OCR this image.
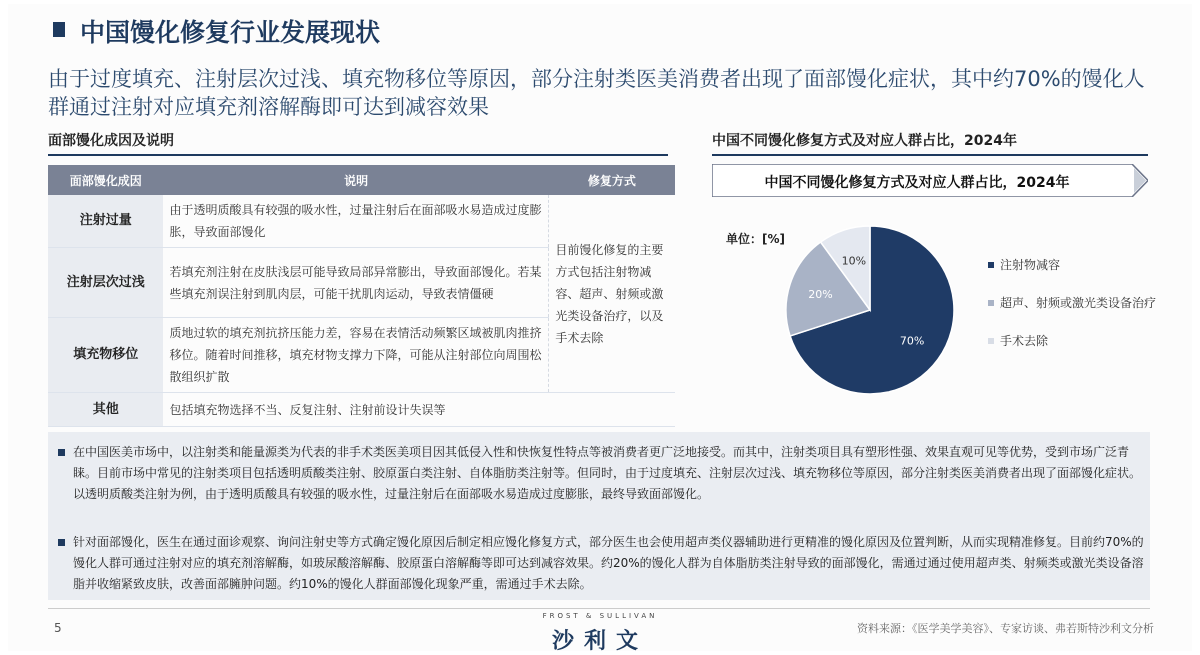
中国馒化修复行业发展现状
由于过度填充、注射层次过浅、填充物移位等原因，部分注射类医美消费者出现了面部馒化症状，其中约70%的馒化人群通过注射对应填充剂溶解酶即可达到减容效果
面部馒化成因及说明
面部馒化成因	说明	修复方式
注射过量	由于透明质酸具有较强的吸水性，过量注射后在面部吸水易造成过度膨胀，导致面部馒化	目前馒化修复的主要方式包括注射物减容、超声、射频或激光类设备治疗，以及手术去除
注射层次过浅	若填充剂注射在皮肤浅层可能导致局部异常膨出，导致面部馒化。若某些填充剂误注射到肌肉层，可能干扰肌肉运动，导致表情僵硬	
填充物移位	质地过软的填充剂抗挤压能力差，容易在表情活动频繁区域被肌肉推挤移位。随着时间推移，填充材物支撑力下降，可能从注射部位向周围松散组织扩散	
其他	包括填充物选择不当、反复注射、注射前设计失误等	
中国不同馒化修复方式及对应人群占比，2024年
中国不同馒化修复方式及对应人群占比，2024年
单位：[%]
70%
20%
10%	注射物减容
超声、射频或激光类设备治疗
手术去除
在中国医美市场中，以注射类和能量源类为代表的非手术类医美项目因其低侵入性和快恢复性特点等被消费者更广泛地接受。而其中，注射类项目具有塑形性强、效果直观可见等优势，受到市场广泛青睐。目前市场中常见的注射类项目包括透明质酸类注射、胶原蛋白类注射、自体脂肪类注射等。但同时，由于过度填充、注射层次过浅、填充物移位等原因，部分注射类医美消费者出现了面部馒化症状。以透明质酸类注射为例，由于透明质酸具有较强的吸水性，过量注射后在面部吸水易造成过度膨胀，最终导致面部馒化。
针对面部馒化，医生在通过面诊观察、询问注射史等方式确定馒化原因后制定相应馒化修复方式，部分医生也会使用超声类仪器辅助进行更精准的馒化原因及位置判断，从而实现精准修复。目前约70%的馒化人群可通过注射对应的填充剂溶解酶，如玻尿酸溶解酶、胶原蛋白溶解酶等即可达到减容效果。约20%的馒化人群为自体脂肪类注射导致的面部馒化，需通过通过使用超声类、射频类或激光类设备溶脂并收缩紧致皮肤，改善面部臃肿问题。约10%的馒化人群面部馒化现象严重，需通过手术去除。
5
FROST & SULLIVAN
沙利文
资料来源：《医学美学美容》、专家访谈、弗若斯特沙利文分析
